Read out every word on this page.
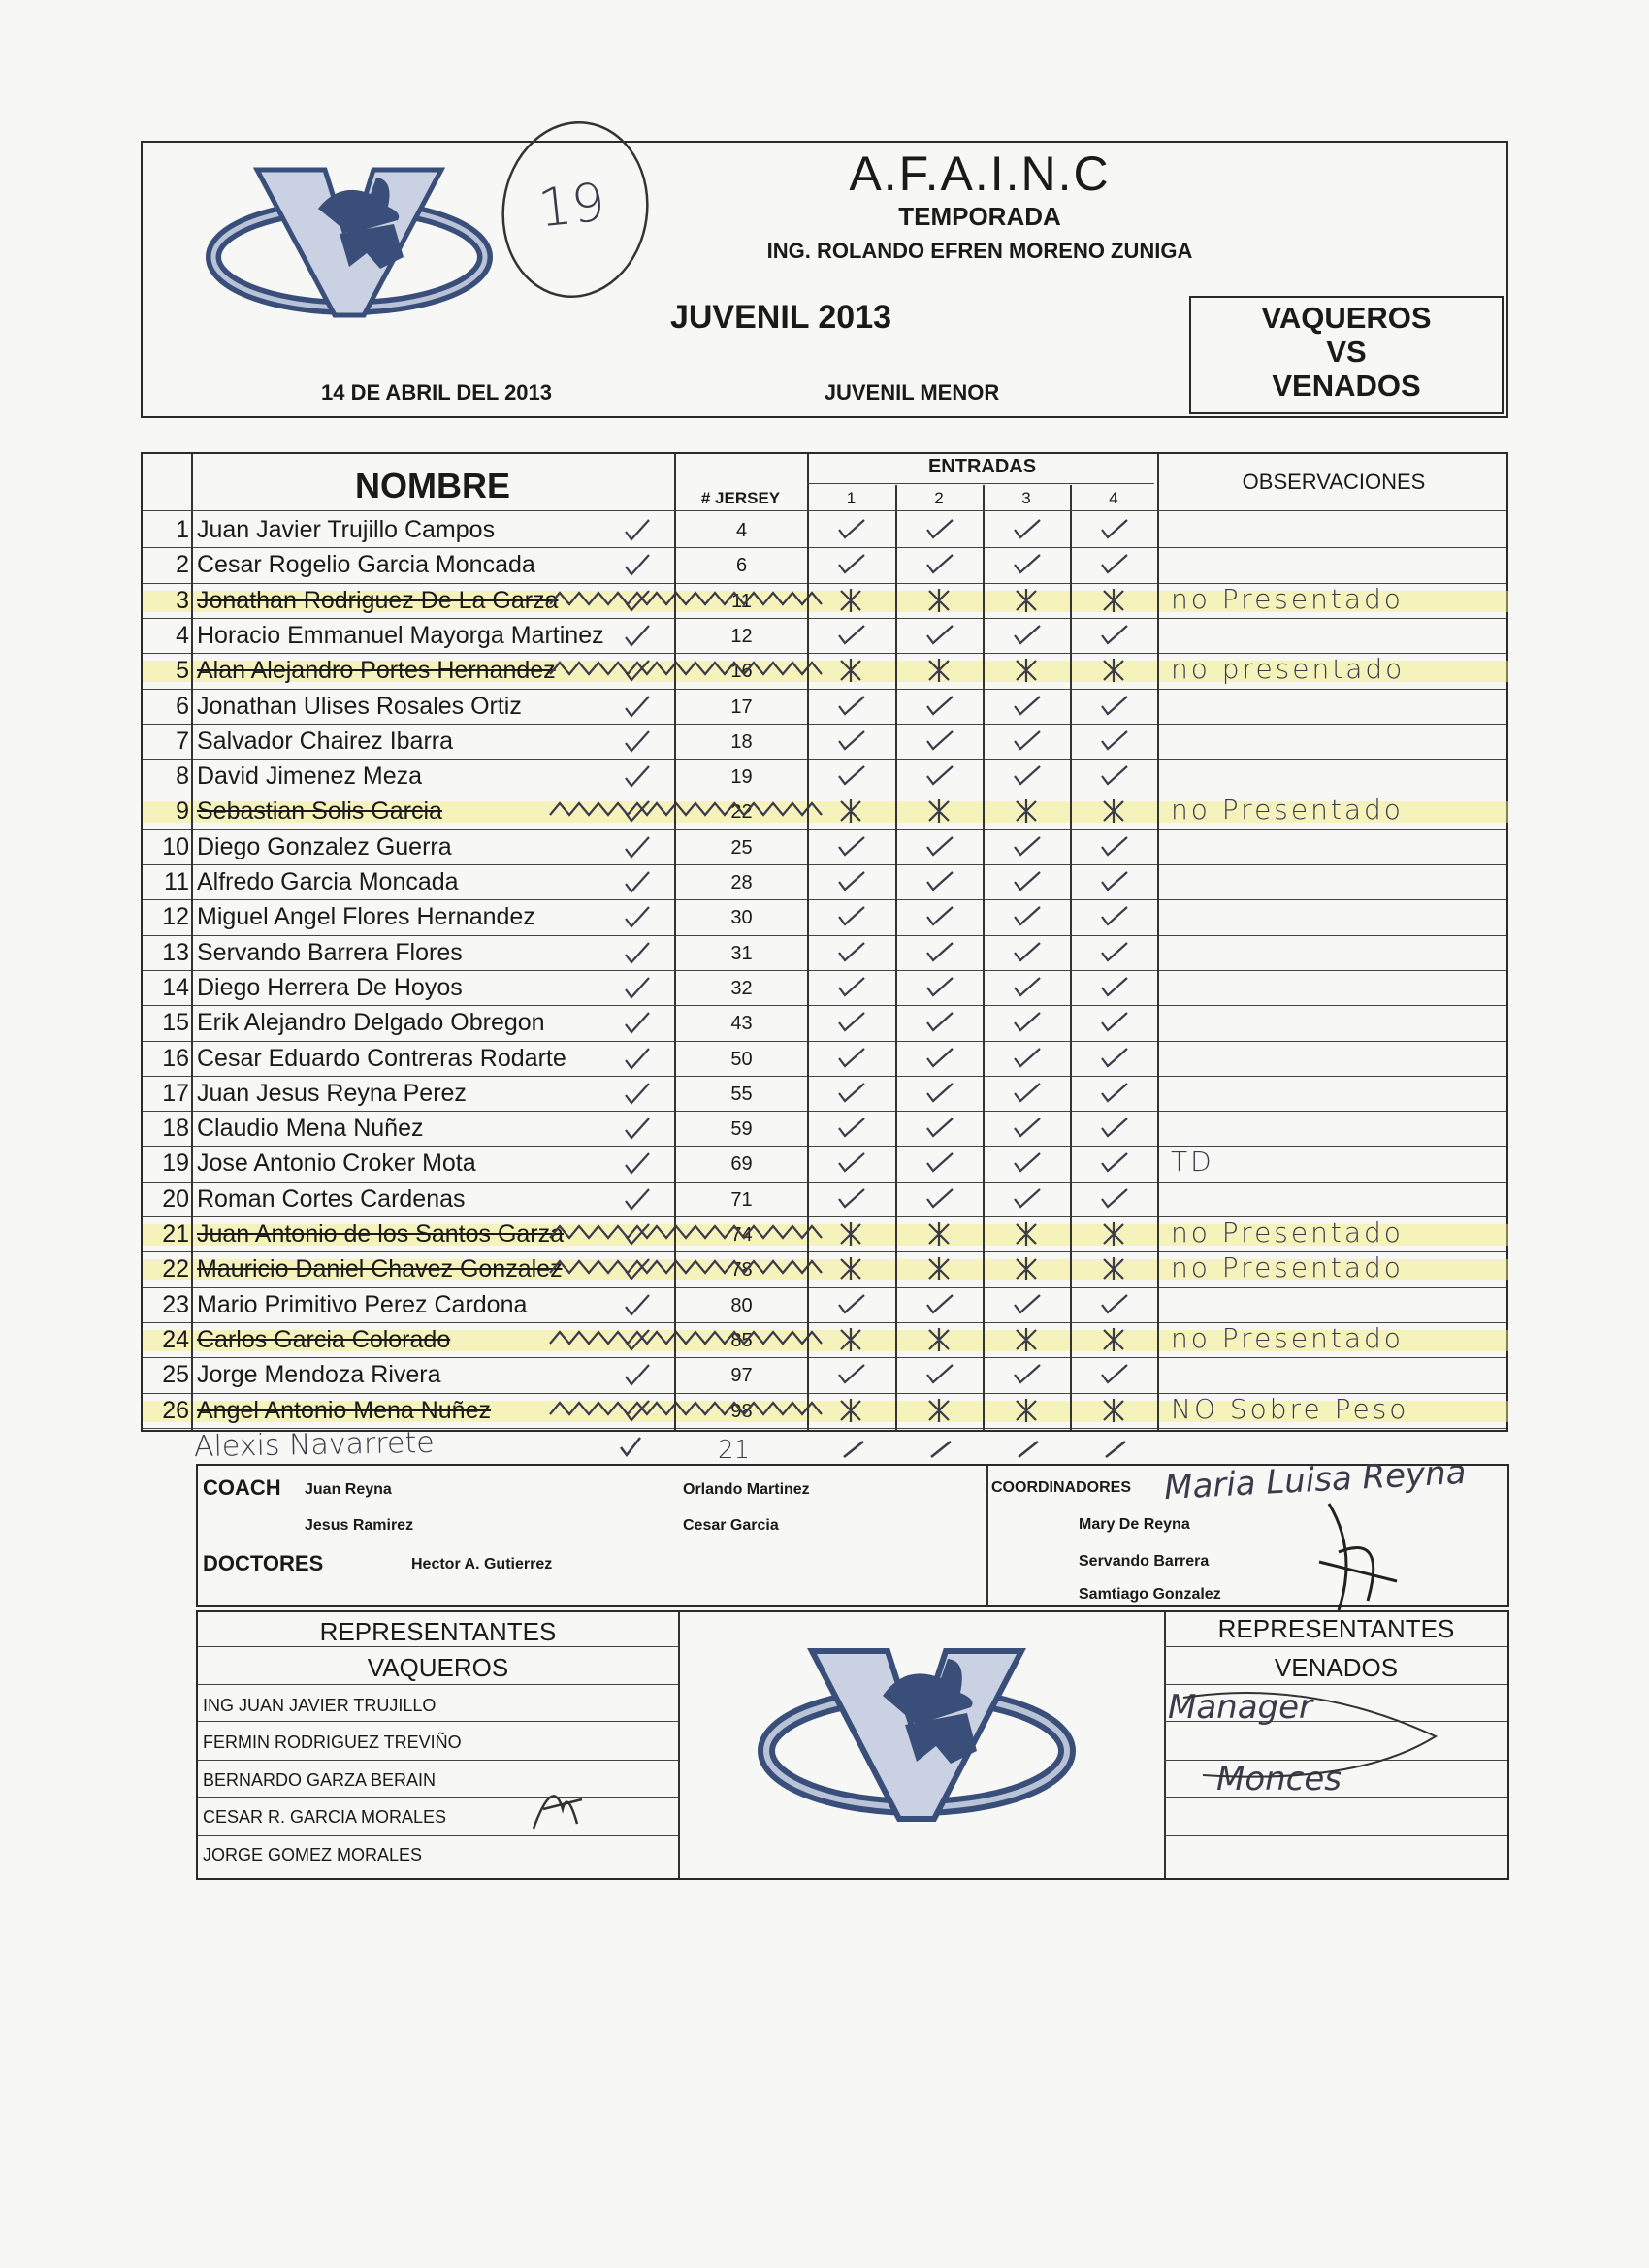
19	A.F.A.I.N.C
TEMPORADA
ING. ROLANDO EFREN MORENO ZUNIGA
JUVENIL 2013
14 DE ABRIL DEL 2013	JUVENIL MENOR
VAQUEROS
VS
VENADOS
1 Juan Javier Trujillo Campos	4
2 Cesar Rogelio Garcia Moncada	6
3 Jonathan Rodriguez De La Garza	11	no Presentado
4 Horacio Emmanuel Mayorga Martinez	12
5 Alan Alejandro Portes Hernandez	16	no presentado
6 Jonathan Ulises Rosales Ortiz	17
7 Salvador Chairez Ibarra	18
8 David Jimenez Meza	19
9 Sebastian Solis Garcia	22	no Presentado
10 Diego Gonzalez Guerra	25
11 Alfredo Garcia Moncada	28
12 Miguel Angel Flores Hernandez	30
13 Servando Barrera Flores	31
14 Diego Herrera De Hoyos	32
15 Erik Alejandro Delgado Obregon	43
16 Cesar Eduardo Contreras Rodarte	50
17 Juan Jesus Reyna Perez	55
18 Claudio Mena Nuñez	59
19 Jose Antonio Croker Mota	69	TD
20 Roman Cortes Cardenas	71
21 Juan Antonio de los Santos Garza	74	no Presentado
22 Mauricio Daniel Chavez Gonzalez	78	no Presentado
23 Mario Primitivo Perez Cardona	80
24 Carlos Garcia Colorado	85	no Presentado
25 Jorge Mendoza Rivera	97
26 Angel Antonio Mena Nuñez	98	NO Sobre Peso
NOMBRE	# JERSEY
ENTRADAS
1	2	3	4
OBSERVACIONES
Alexis Navarrete	21
COACH Juan Reyna
Jesus Ramirez
Orlando Martinez
Cesar Garcia
DOCTORES	Hector A. Gutierrez
COORDINADORES
Mary De Reyna
Servando Barrera
Samtiago Gonzalez
Maria Luisa Reyna
REPRESENTANTES
VAQUEROS
ING JUAN JAVIER TRUJILLO
FERMIN RODRIGUEZ TREVIÑO
BERNARDO GARZA BERAIN
CESAR R. GARCIA MORALES
JORGE GOMEZ MORALES
REPRESENTANTES
VENADOS
Manager
Monces
